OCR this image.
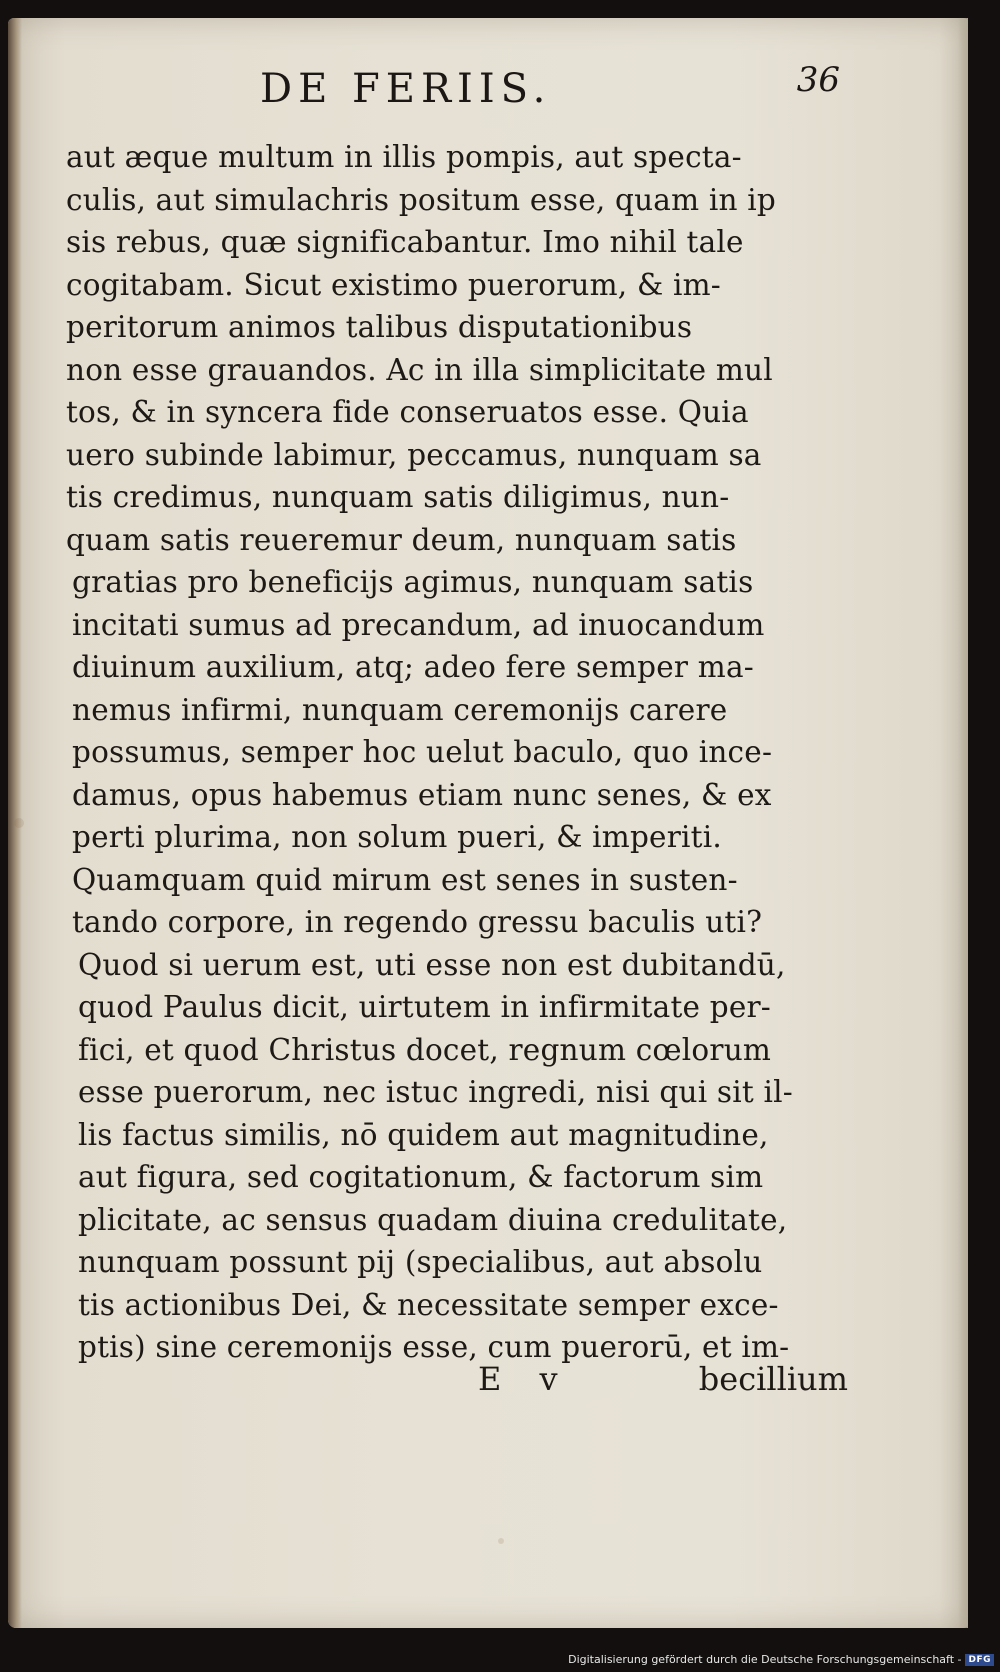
DE FERIIS.	36
aut æque multum in illis pompis, aut specta-
culis, aut simulachris positum esse, quam in ip
sis rebus, quæ significabantur. Imo nihil tale
cogitabam. Sicut existimo puerorum, & im-
peritorum animos talibus disputationibus
non esse grauandos. Ac in illa simplicitate mul
tos, & in syncera fide conseruatos esse. Quia
uero subinde labimur, peccamus, nunquam sa
tis credimus, nunquam satis diligimus, nun-
quam satis reueremur deum, nunquam satis
gratias pro beneficijs agimus, nunquam satis
incitati sumus ad precandum, ad inuocandum
diuinum auxilium, atq; adeo fere semper ma-
nemus infirmi, nunquam ceremonijs carere
possumus, semper hoc uelut baculo, quo ince-
damus, opus habemus etiam nunc senes, & ex
perti plurima, non solum pueri, & imperiti.
Quamquam quid mirum est senes in susten-
tando corpore, in regendo gressu baculis uti?
Quod si uerum est, uti esse non est dubitandū,
quod Paulus dicit, uirtutem in infirmitate per-
fici, et quod Christus docet, regnum cœlorum
esse puerorum, nec istuc ingredi, nisi qui sit il-
lis factus similis, nō quidem aut magnitudine,
aut figura, sed cogitationum, & factorum sim
plicitate, ac sensus quadam diuina credulitate,
nunquam possunt pij (specialibus, aut absolu
tis actionibus Dei, & necessitate semper exce-
ptis) sine ceremonijs esse, cum puerorū, et im-
E v	becillium
Digitalisierung gefördert durch die Deutsche Forschungsgemeinschaft - DFG
